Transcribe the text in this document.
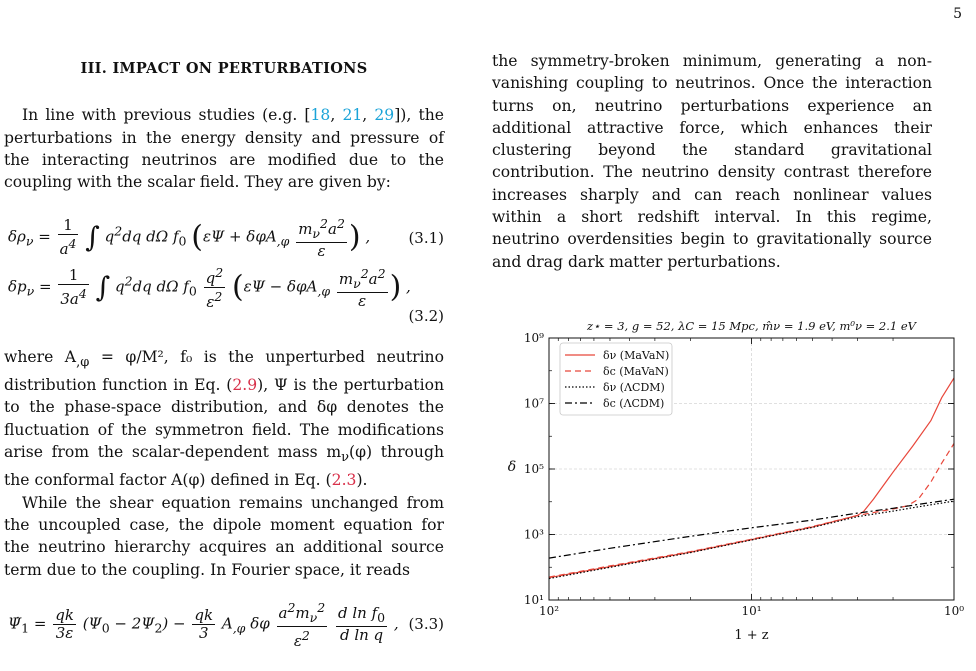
5
III. IMPACT ON PERTURBATIONS

In line with previous studies (e.g. [18, 21, 29]), the perturbations in the energy density and pressure of the interacting neutrinos are modified due to the coupling with the scalar field. They are given by:

$\delta\rho_\nu = \frac{1}{a^4}$ ∫ $q^2dq$ dΩ $f_0$ ($\varepsilon\Psi + \delta\varphi A_{,\varphi} \frac{m_\nu^2a^2}{\varepsilon}$ ) ,	(3.1)
$\delta p_\nu = \frac{1}{3a^4}$ ∫ $q^2dq$ dΩ $f_0 \frac{q^2}{\varepsilon^2} (\varepsilon\Psi - \delta\varphi A_{,\varphi} \frac{m_\nu^2a^2}{\varepsilon}$ ) ,
(3.2)

where $A_{,\varphi} = \varphi/M^2$, f₀ is the unperturbed neutrino distribution function in Eq. (2.9), Ψ is the perturbation to the phase-space distribution, and δφ denotes the fluctuation of the symmetron field. The modifications arise from the scalar-dependent mass $m_\nu(\varphi)$ through the conformal factor A(φ) defined in Eq. (2.3).

While the shear equation remains unchanged from the uncoupled case, the dipole moment equation for the neutrino hierarchy acquires an additional source term due to the coupling. In Fourier space, it reads

$\Psi̇_1 = \frac{qk}{3\varepsilon} (\Psi_0 - 2\Psi_2) - \frac{qk}{3} A_{,\varphi}$ δφ $\frac{a^2m_\nu^2}{\varepsilon^2}$
$\frac{d \ln f_0}{\text{d ln q}}$ , (3.3)

the symmetry-broken minimum, generating a non-vanishing coupling to neutrinos. Once the interaction turns on, neutrino perturbations experience an additional attractive force, which enhances their clustering beyond the standard gravitational contribution. The neutrino density contrast therefore increases sharply and can reach nonlinear values within a short redshift interval. In this regime, neutrino overdensities begin to gravitationally source and drag dark matter perturbations.

10²	10¹	10⁰
10¹
10³
10⁵
10⁷
10⁹
z⋆ = 3, g = 52, λC = 15 Mpc, m̂ν = 1.9 eV, m⁰ν = 2.1 eV
1 + z
δ
δν (MaVaN)
δc (MaVaN)
δν (ΛCDM)
δc (ΛCDM)
